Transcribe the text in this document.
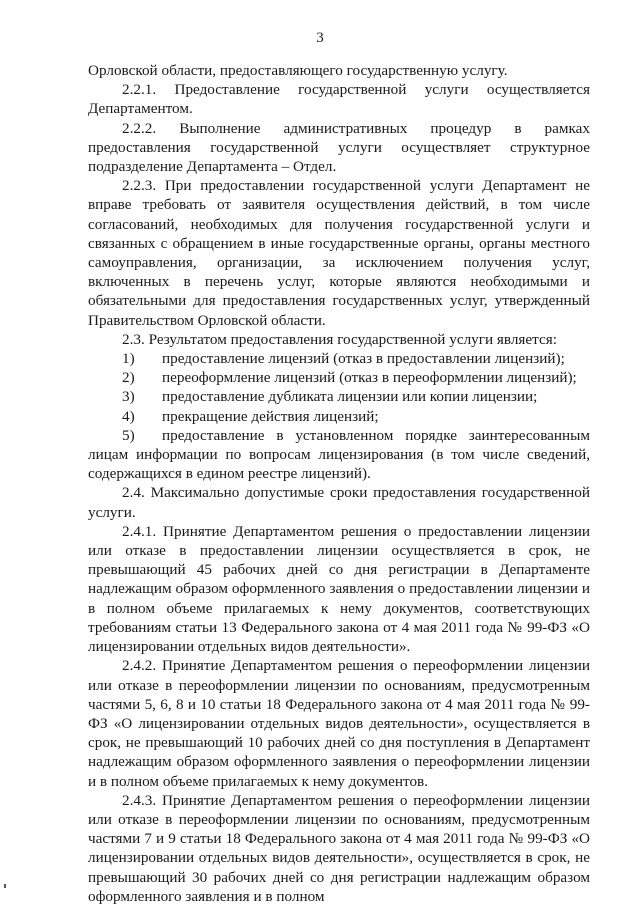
3

Орловской области, предоставляющего государственную услугу.

2.2.1. Предоставление государственной услуги осуществляется Департаментом.

2.2.2. Выполнение административных процедур в рамках предоставления государственной услуги осуществляет структурное подразделение Департамента – Отдел.

2.2.3. При предоставлении государственной услуги Департамент не вправе требовать от заявителя осуществления действий, в том числе согласований, необходимых для получения государственной услуги и связанных с обращением в иные государственные органы, органы местного самоуправления, организации, за исключением получения услуг, включенных в перечень услуг, которые являются необходимыми и обязательными для предоставления государственных услуг, утвержденный Правительством Орловской области.

2.3. Результатом предоставления государственной услуги является:

1)	предоставление лицензий (отказ в предоставлении лицензий);
2)	переоформление лицензий (отказ в переоформлении лицензий);
3)	предоставление дубликата лицензии или копии лицензии;
4)	прекращение действия лицензий;

5) предоставление в установленном порядке заинтересованным лицам информации по вопросам лицензирования (в том числе сведений, содержащихся в едином реестре лицензий).

2.4. Максимально допустимые сроки предоставления государственной услуги.

2.4.1. Принятие Департаментом решения о предоставлении лицензии или отказе в предоставлении лицензии осуществляется в срок, не превышающий 45 рабочих дней со дня регистрации в Департаменте надлежащим образом оформленного заявления о предоставлении лицензии и в полном объеме прилагаемых к нему документов, соответствующих требованиям статьи 13 Федерального закона от 4 мая 2011 года № 99-ФЗ «О лицензировании отдельных видов деятельности».

2.4.2. Принятие Департаментом решения о переоформлении лицензии или отказе в переоформлении лицензии по основаниям, предусмотренным частями 5, 6, 8 и 10 статьи 18 Федерального закона от 4 мая 2011 года № 99-ФЗ «О лицензировании отдельных видов деятельности», осуществляется в срок, не превышающий 10 рабочих дней со дня поступления в Департамент надлежащим образом оформленного заявления о переоформлении лицензии и в полном объеме прилагаемых к нему документов.

2.4.3. Принятие Департаментом решения о переоформлении лицензии или отказе в переоформлении лицензии по основаниям, предусмотренным частями 7 и 9 статьи 18 Федерального закона от 4 мая 2011 года № 99-ФЗ «О лицензировании отдельных видов деятельности», осуществляется в срок, не превышающий 30 рабочих дней со дня регистрации надлежащим образом оформленного заявления и в полном
